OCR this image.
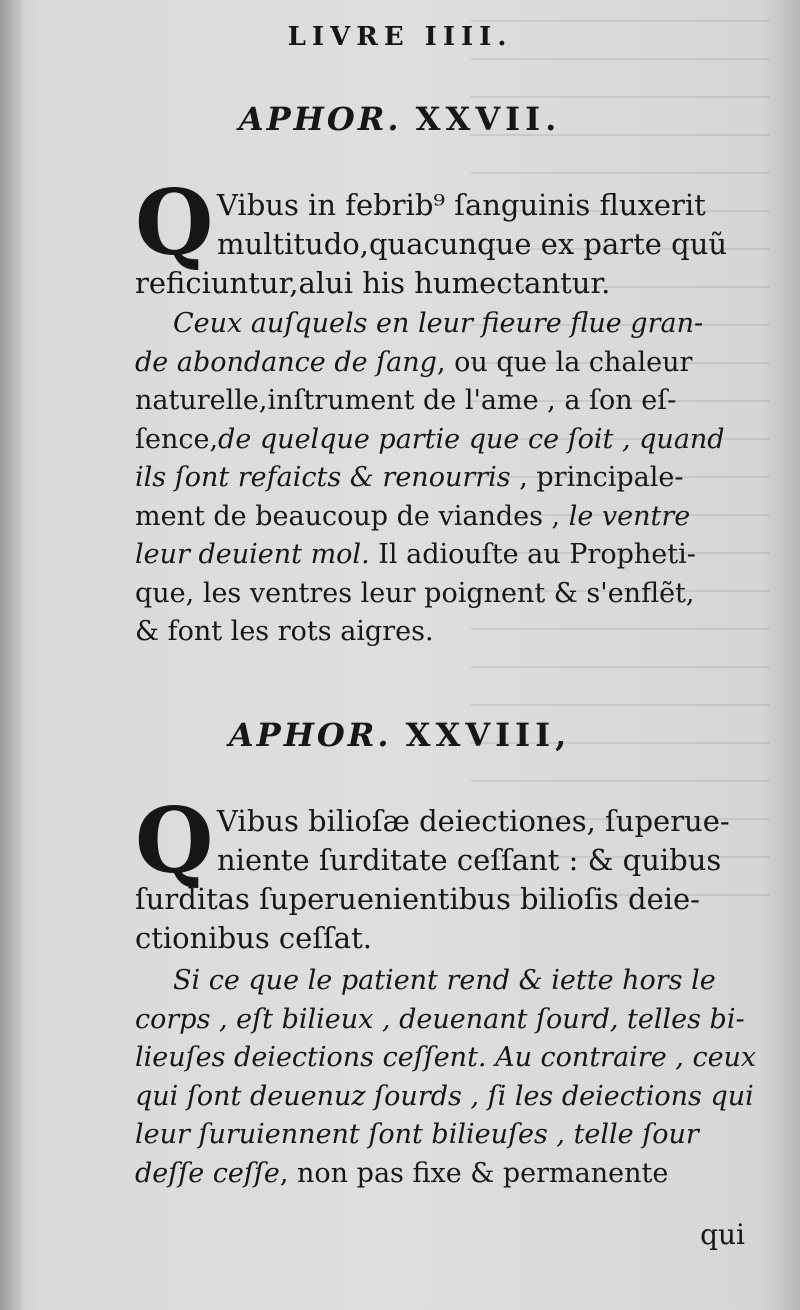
LIVRE IIII.
APHOR. XXVII.
Q Vibus in febrib⁹ ſanguinis fluxerit
multitudo,quacunque ex parte quũ
reficiuntur,alui his humectantur.
Ceux auſquels en leur fieure flue gran-
de abondance de ſang, ou que la chaleur
naturelle,inſtrument de l'ame , a ſon eſ-
ſence,de quelque partie que ce ſoit , quand
ils ſont refaicts & renourris , principale-
ment de beaucoup de viandes , le ventre
leur deuient mol. Il adiouſte au Propheti-
que, les ventres leur poignent & s'enflẽt,
& font les rots aigres.
APHOR. XXVIII,
Q Vibus bilioſæ deiectiones, ſuperue-
niente ſurditate ceſſant : & quibus
ſurditas ſuperuenientibus bilioſis deie-
ctionibus ceſſat.
Si ce que le patient rend & iette hors le
corps , eſt bilieux , deuenant ſourd, telles bi-
lieuſes deiections ceſſent. Au contraire , ceux
qui ſont deuenuz ſourds , ſi les deiections qui
leur ſuruiennent ſont bilieuſes , telle ſour
deſſe ceſſe, non pas fixe & permanente
qui
